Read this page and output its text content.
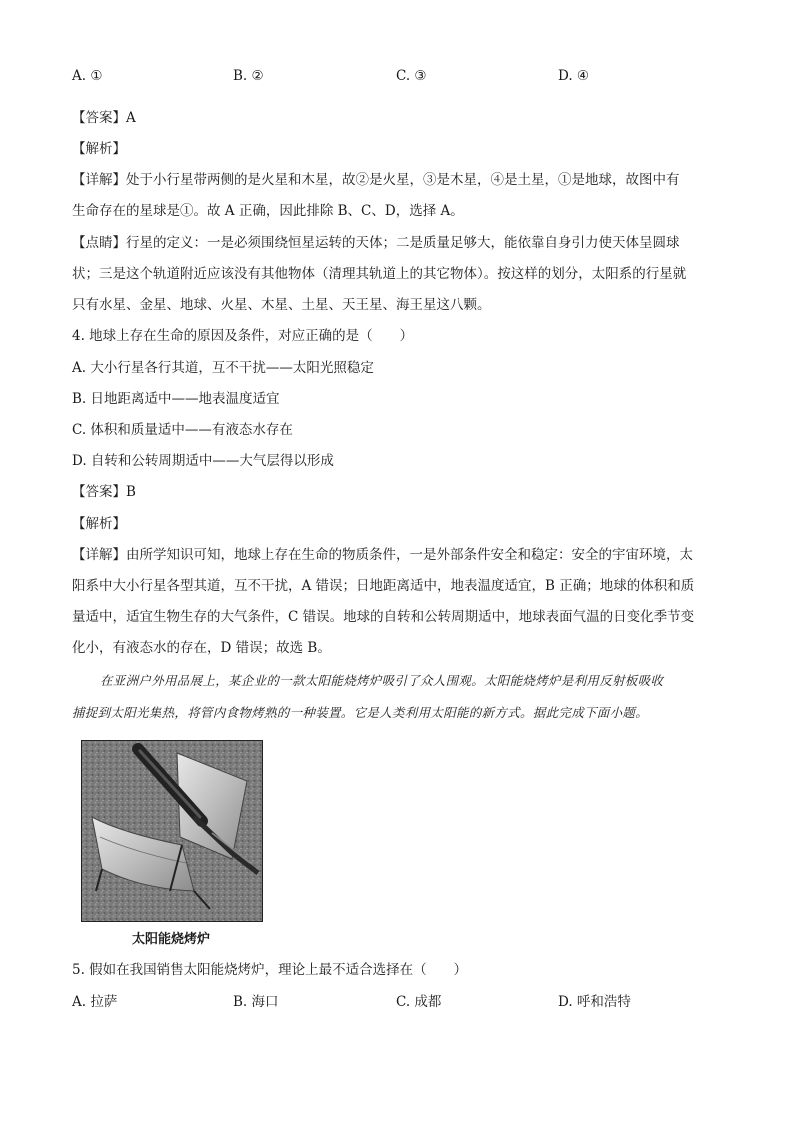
A. ①	B. ②	C. ③	D. ④
【答案】A
【解析】
【详解】处于小行星带两侧的是火星和木星，故②是火星，③是木星，④是土星，①是地球，故图中有
生命存在的星球是①。故 A 正确，因此排除 B、C、D，选择 A。
【点睛】行星的定义：一是必须围绕恒星运转的天体；二是质量足够大，能依靠自身引力使天体呈圆球
状；三是这个轨道附近应该没有其他物体（清理其轨道上的其它物体）。按这样的划分，太阳系的行星就
只有水星、金星、地球、火星、木星、土星、天王星、海王星这八颗。
4. 地球上存在生命的原因及条件，对应正确的是（　　）
A. 大小行星各行其道，互不干扰——太阳光照稳定
B. 日地距离适中——地表温度适宜
C. 体积和质量适中——有液态水存在
D. 自转和公转周期适中——大气层得以形成
【答案】B
【解析】
【详解】由所学知识可知，地球上存在生命的物质条件，一是外部条件安全和稳定：安全的宇宙环境，太
阳系中大小行星各型其道，互不干扰，A 错误；日地距离适中，地表温度适宜，B 正确；地球的体积和质
量适中，适宜生物生存的大气条件，C 错误。地球的自转和公转周期适中，地球表面气温的日变化季节变
化小，有液态水的存在，D 错误；故选 B。
在亚洲户外用品展上，某企业的一款太阳能烧烤炉吸引了众人围观。太阳能烧烤炉是利用反射板吸收
捕捉到太阳光集热，将管内食物烤熟的一种装置。它是人类利用太阳能的新方式。据此完成下面小题。
太阳能烧烤炉
5. 假如在我国销售太阳能烧烤炉，理论上最不适合选择在（　　）
A. 拉萨	B. 海口	C. 成都	D. 呼和浩特
